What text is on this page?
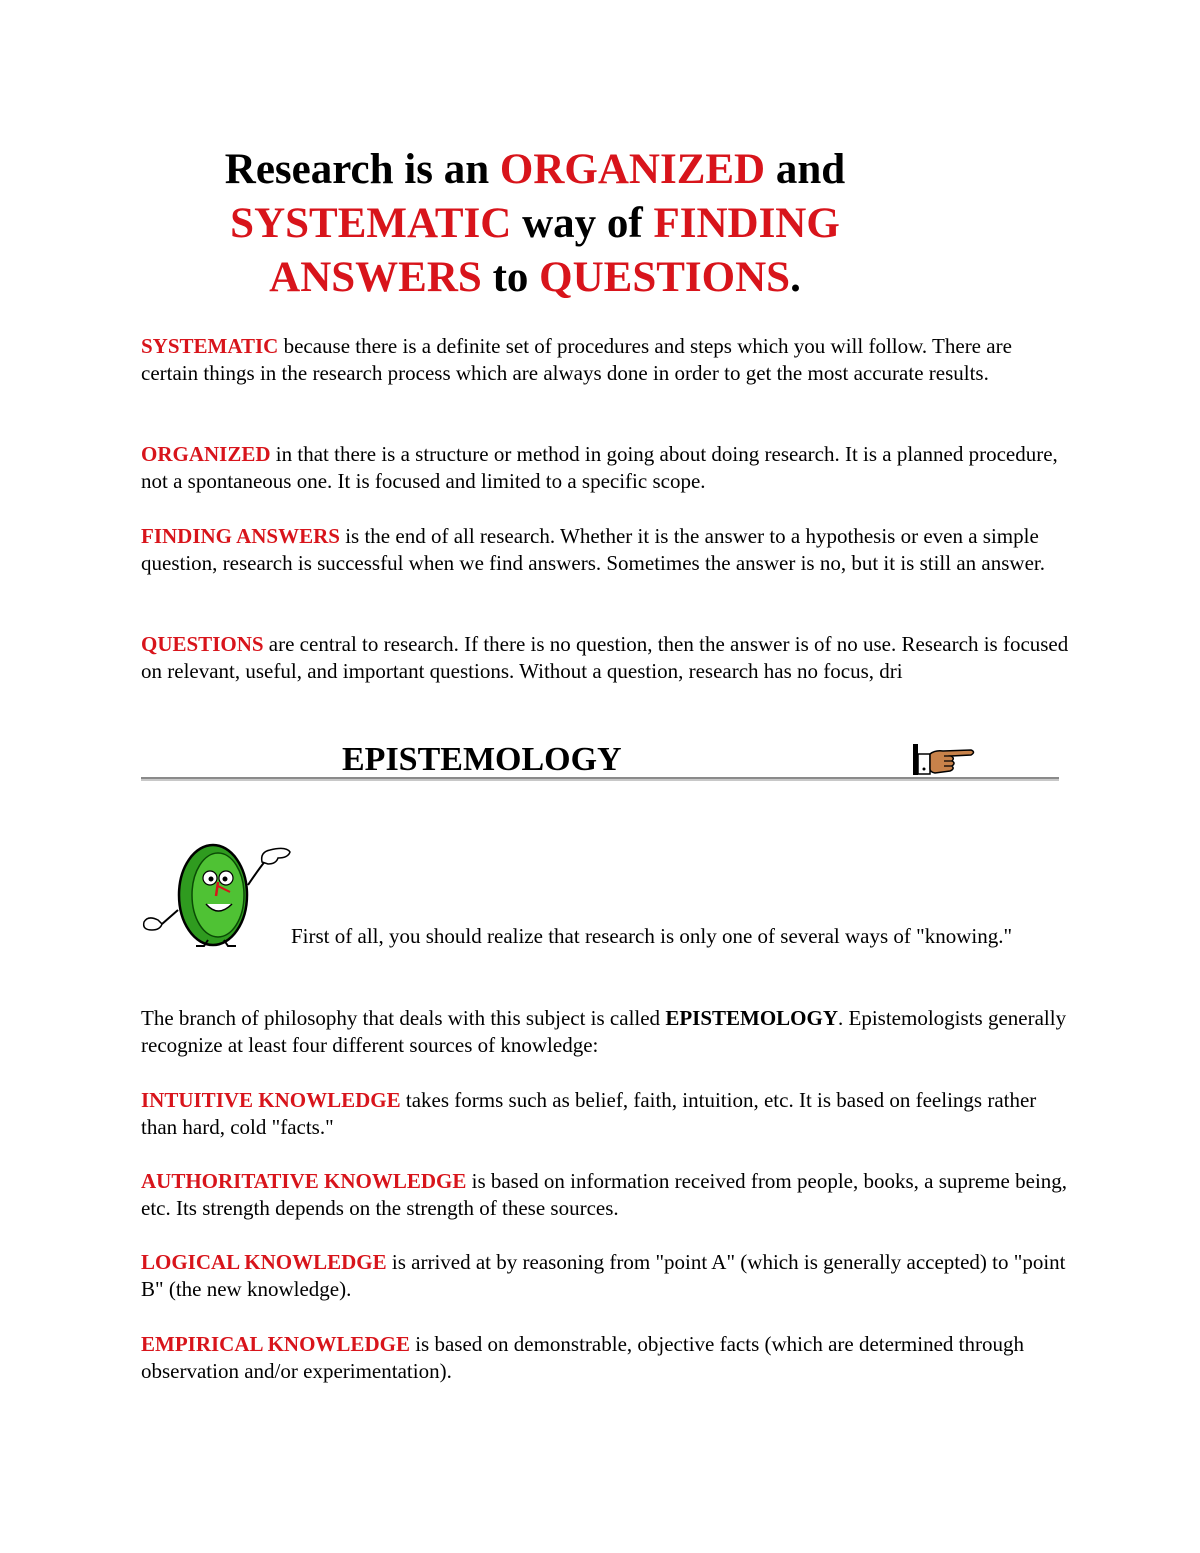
Research is an ORGANIZED and
SYSTEMATIC way of FINDING
ANSWERS to QUESTIONS.

SYSTEMATIC because there is a definite set of procedures and steps which you will follow. There are certain things in the research process which are always done in order to get the most accurate results.

ORGANIZED in that there is a structure or method in going about doing research. It is a planned procedure, not a spontaneous one. It is focused and limited to a specific scope.

FINDING ANSWERS is the end of all research. Whether it is the answer to a hypothesis or even a simple question, research is successful when we find answers. Sometimes the answer is no, but it is still an answer.

QUESTIONS are central to research. If there is no question, then the answer is of no use. Research is focused on relevant, useful, and important questions. Without a question, research has no focus, dri

EPISTEMOLOGY

First of all, you should realize that research is only one of several ways of "knowing."

The branch of philosophy that deals with this subject is called EPISTEMOLOGY. Epistemologists generally recognize at least four different sources of knowledge:

INTUITIVE KNOWLEDGE takes forms such as belief, faith, intuition, etc. It is based on feelings rather than hard, cold "facts."

AUTHORITATIVE KNOWLEDGE is based on information received from people, books, a supreme being, etc. Its strength depends on the strength of these sources.

LOGICAL KNOWLEDGE is arrived at by reasoning from "point A" (which is generally accepted) to "point B" (the new knowledge).

EMPIRICAL KNOWLEDGE is based on demonstrable, objective facts (which are determined through observation and/or experimentation).
